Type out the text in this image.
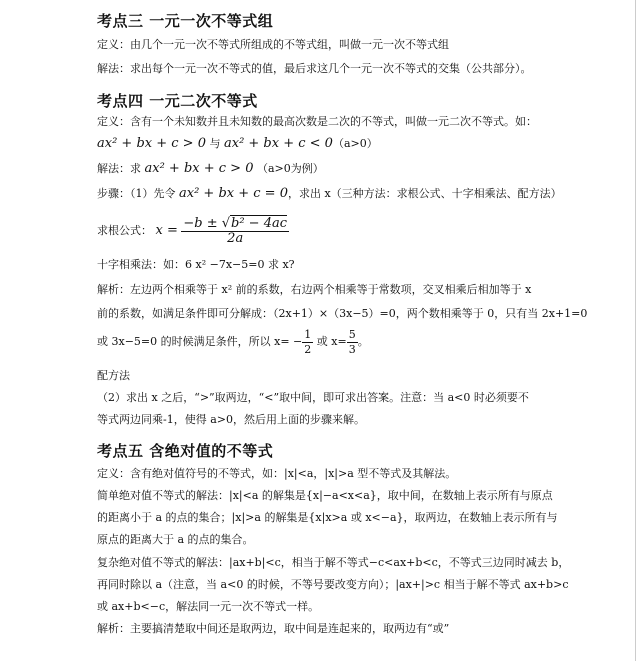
考点三 一元一次不等式组
定义：由几个一元一次不等式所组成的不等式组，叫做一元一次不等式组
解法：求出每个一元一次不等式的值，最后求这几个一元一次不等式的交集（公共部分）。
考点四 一元二次不等式
定义：含有一个未知数并且未知数的最高次数是二次的不等式，叫做一元二次不等式。如：
ax² + bx + c > 0 与 ax² + bx + c < 0（a>0）
解法：求 ax² + bx + c > 0 （a>0为例）
步骤：（1）先令 ax² + bx + c = 0，求出 x（三种方法：求根公式、十字相乘法、配方法）
求根公式： $x = \frac{\text{−b ± √b² − 4ac}}{2a}$
十字相乘法：如：6 x² −7x−5=0 求 x?
解析：左边两个相乘等于 x² 前的系数，右边两个相乘等于常数项，交叉相乘后相加等于 x
前的系数，如满足条件即可分解成：（2x+1）×（3x−5）=0，两个数相乘等于 0，只有当 2x+1=0
或 3x−5=0 的时候满足条件，所以 $x= - \frac{1}{2}$ 或 $x= \frac{5}{3}$ 。
配方法
（2）求出 x 之后，“>”取两边，“<”取中间，即可求出答案。注意：当 a<0 时必须要不
等式两边同乘-1，使得 a>0，然后用上面的步骤来解。
考点五 含绝对值的不等式
定义：含有绝对值符号的不等式，如：|x|<a，|x|>a 型不等式及其解法。
简单绝对值不等式的解法：|x|<a 的解集是{x|−a<x<a}，取中间，在数轴上表示所有与原点
的距离小于 a 的点的集合；|x|>a 的解集是{x|x>a 或 x<−a}，取两边，在数轴上表示所有与
原点的距离大于 a 的点的集合。
复杂绝对值不等式的解法：|ax+b|<c，相当于解不等式−c<ax+b<c，不等式三边同时减去 b，
再同时除以 a（注意，当 a<0 的时候，不等号要改变方向）；|ax+|>c 相当于解不等式 ax+b>c
或 ax+b<−c，解法同一元一次不等式一样。
解析：主要搞清楚取中间还是取两边，取中间是连起来的，取两边有“或”
